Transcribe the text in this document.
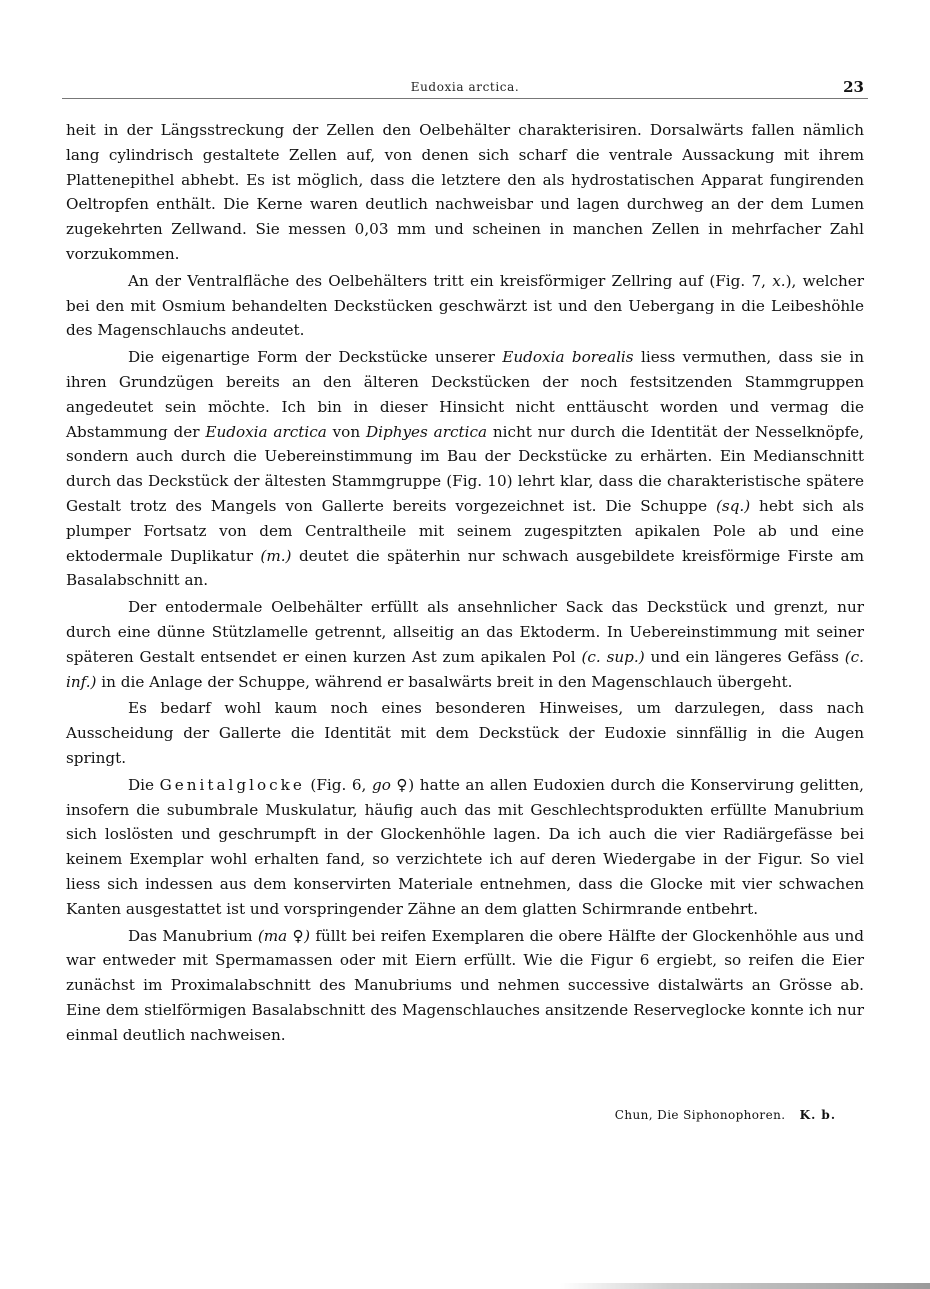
Eudoxia arctica.	23

heit in der Längsstreckung der Zellen den Oelbehälter charakterisiren. Dorsalwärts fallen nämlich lang cylindrisch gestaltete Zellen auf, von denen sich scharf die ventrale Aussackung mit ihrem Plattenepithel abhebt. Es ist möglich, dass die letztere den als hydrostatischen Apparat fungirenden Oeltropfen enthält. Die Kerne waren deutlich nachweisbar und lagen durchweg an der dem Lumen zugekehrten Zellwand. Sie messen 0,03 mm und scheinen in manchen Zellen in mehrfacher Zahl vorzukommen.

An der Ventralfläche des Oelbehälters tritt ein kreisförmiger Zellring auf (Fig. 7, x.), welcher bei den mit Osmium behandelten Deckstücken geschwärzt ist und den Uebergang in die Leibeshöhle des Magenschlauchs andeutet.

Die eigenartige Form der Deckstücke unserer Eudoxia borealis liess vermuthen, dass sie in ihren Grundzügen bereits an den älteren Deckstücken der noch festsitzenden Stammgruppen angedeutet sein möchte. Ich bin in dieser Hinsicht nicht enttäuscht worden und vermag die Abstammung der Eudoxia arctica von Diphyes arctica nicht nur durch die Identität der Nesselknöpfe, sondern auch durch die Uebereinstimmung im Bau der Deckstücke zu erhärten. Ein Medianschnitt durch das Deckstück der ältesten Stammgruppe (Fig. 10) lehrt klar, dass die charakteristische spätere Gestalt trotz des Mangels von Gallerte bereits vorgezeichnet ist. Die Schuppe (sq.) hebt sich als plumper Fortsatz von dem Centraltheile mit seinem zugespitzten apikalen Pole ab und eine ektodermale Duplikatur (m.) deutet die späterhin nur schwach ausgebildete kreisförmige Firste am Basalabschnitt an.

Der entodermale Oelbehälter erfüllt als ansehnlicher Sack das Deckstück und grenzt, nur durch eine dünne Stützlamelle getrennt, allseitig an das Ektoderm. In Uebereinstimmung mit seiner späteren Gestalt entsendet er einen kurzen Ast zum apikalen Pol (c. sup.) und ein längeres Gefäss (c. inf.) in die Anlage der Schuppe, während er basalwärts breit in den Magenschlauch übergeht.

Es bedarf wohl kaum noch eines besonderen Hinweises, um darzulegen, dass nach Ausscheidung der Gallerte die Identität mit dem Deckstück der Eudoxie sinnfällig in die Augen springt.

Die Genitalglocke (Fig. 6, go ♀) hatte an allen Eudoxien durch die Konservirung gelitten, insofern die subumbrale Muskulatur, häufig auch das mit Geschlechtsprodukten erfüllte Manubrium sich loslösten und geschrumpft in der Glockenhöhle lagen. Da ich auch die vier Radiärgefässe bei keinem Exemplar wohl erhalten fand, so verzichtete ich auf deren Wiedergabe in der Figur. So viel liess sich indessen aus dem konservirten Materiale entnehmen, dass die Glocke mit vier schwachen Kanten ausgestattet ist und vorspringender Zähne an dem glatten Schirmrande entbehrt.

Das Manubrium (ma ♀) füllt bei reifen Exemplaren die obere Hälfte der Glockenhöhle aus und war entweder mit Spermamassen oder mit Eiern erfüllt. Wie die Figur 6 ergiebt, so reifen die Eier zunächst im Proximalabschnitt des Manubriums und nehmen successive distalwärts an Grösse ab. Eine dem stielförmigen Basalabschnitt des Magenschlauches ansitzende Reserveglocke konnte ich nur einmal deutlich nachweisen.

Chun, Die Siphonophoren. K. b.
